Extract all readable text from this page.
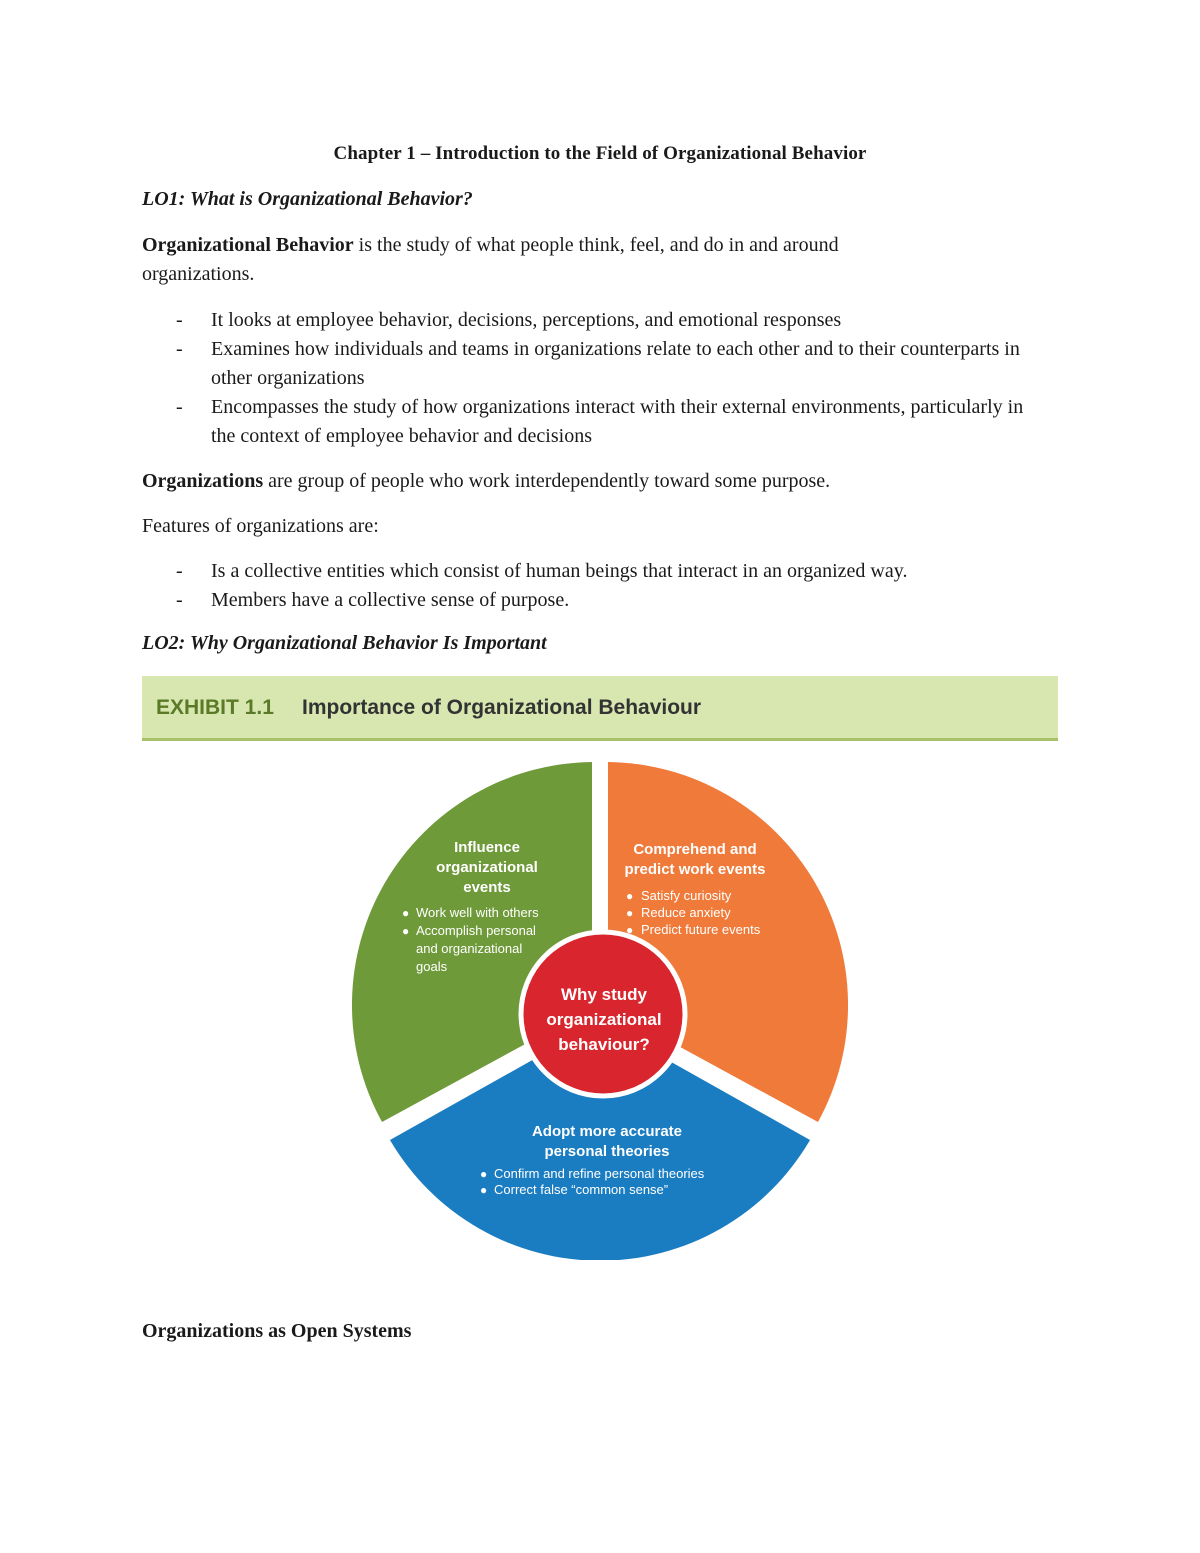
Chapter 1 – Introduction to the Field of Organizational Behavior
LO1: What is Organizational Behavior?
Organizational Behavior is the study of what people think, feel, and do in and around
organizations.
- It looks at employee behavior, decisions, perceptions, and emotional responses
- Examines how individuals and teams in organizations relate to each other and to their counterparts in other organizations
- Encompasses the study of how organizations interact with their external environments, particularly in the context of employee behavior and decisions
Organizations are group of people who work interdependently toward some purpose.
Features of organizations are:
- Is a collective entities which consist of human beings that interact in an organized way.
- Members have a collective sense of purpose.
LO2: Why Organizational Behavior Is Important
EXHIBIT 1.1 Importance of Organizational Behaviour
Why study
organizational
behaviour?
Influence
organizational
events
● Work well with others
● Accomplish personal
and organizational
goals
Comprehend and
predict work events
● Satisfy curiosity
● Reduce anxiety
● Predict future events
Adopt more accurate
personal theories
● Confirm and refine personal theories
● Correct false “common sense”
Organizations as Open Systems
